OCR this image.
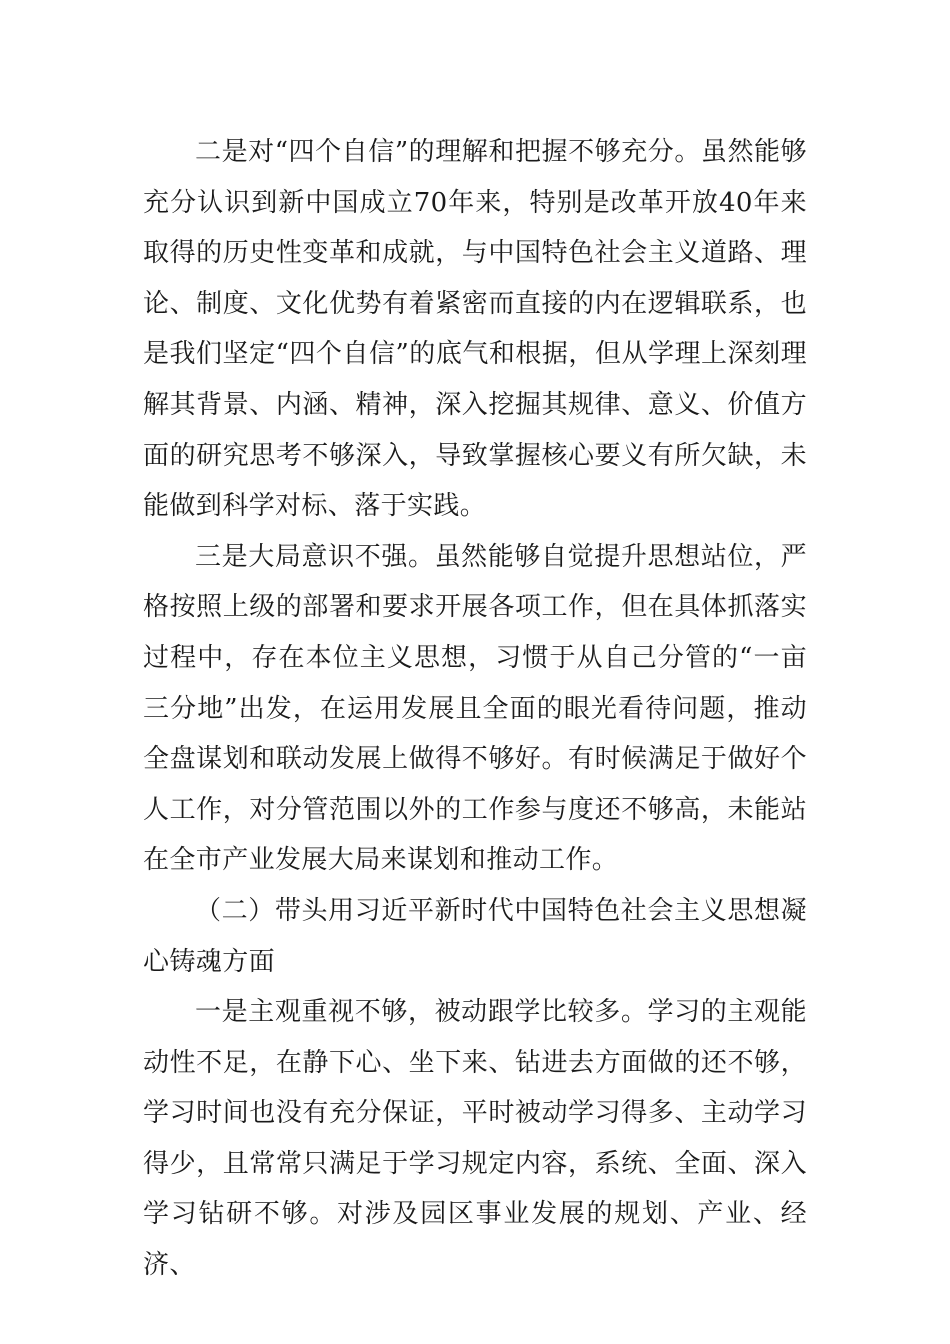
二是对“四个自信”的理解和把握不够充分。虽然能够充分认识到新中国成立70年来，特别是改革开放40年来取得的历史性变革和成就，与中国特色社会主义道路、理论、制度、文化优势有着紧密而直接的内在逻辑联系，也是我们坚定“四个自信”的底气和根据，但从学理上深刻理解其背景、内涵、精神，深入挖掘其规律、意义、价值方面的研究思考不够深入，导致掌握核心要义有所欠缺，未能做到科学对标、落于实践。

三是大局意识不强。虽然能够自觉提升思想站位，严格按照上级的部署和要求开展各项工作，但在具体抓落实过程中，存在本位主义思想，习惯于从自己分管的“一亩三分地”出发，在运用发展且全面的眼光看待问题，推动全盘谋划和联动发展上做得不够好。有时候满足于做好个人工作，对分管范围以外的工作参与度还不够高，未能站在全市产业发展大局来谋划和推动工作。

（二）带头用习近平新时代中国特色社会主义思想凝心铸魂方面

一是主观重视不够，被动跟学比较多。学习的主观能动性不足，在静下心、坐下来、钻进去方面做的还不够，学习时间也没有充分保证，平时被动学习得多、主动学习得少，且常常只满足于学习规定内容，系统、全面、深入学习钻研不够。对涉及园区事业发展的规划、产业、经济、
